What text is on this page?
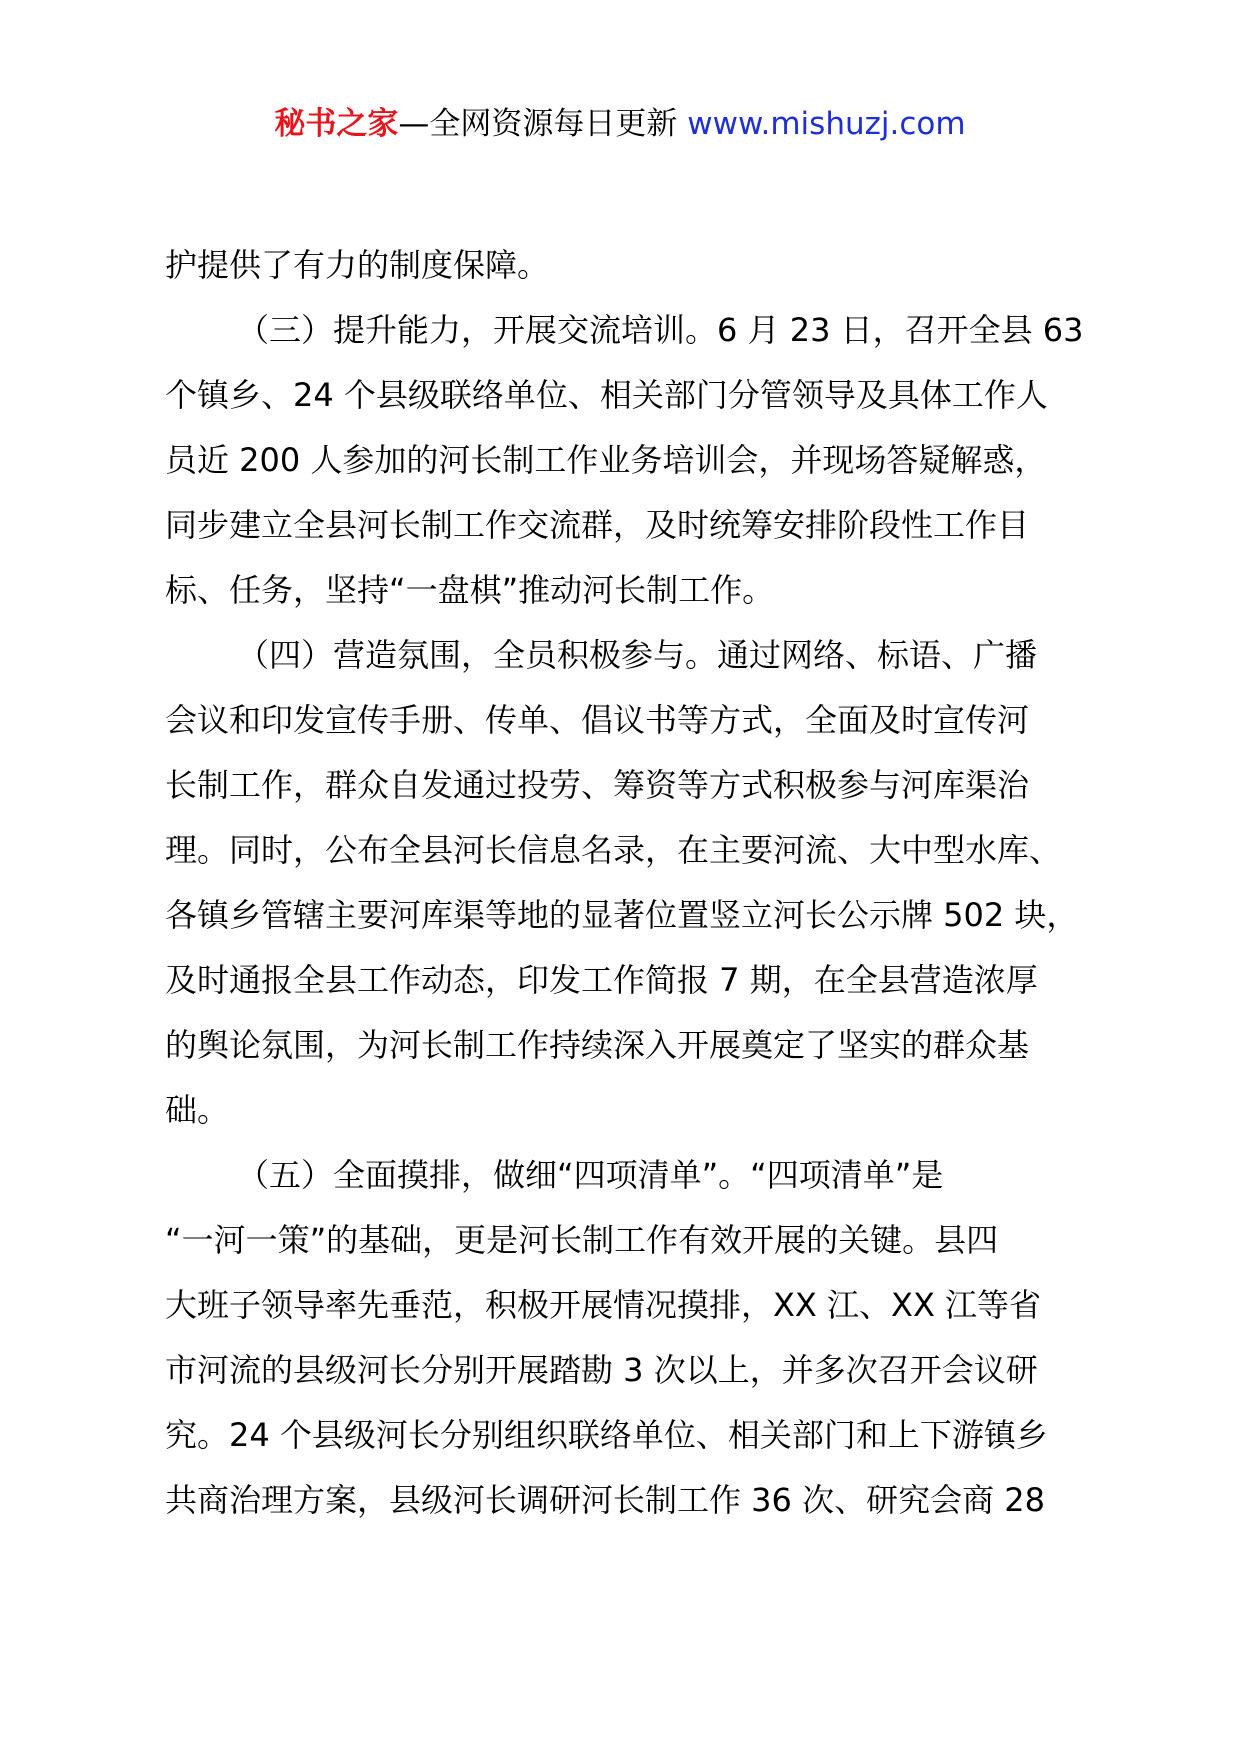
秘书之家—全网资源每日更新 www.mishuzj.com
护提供了有力的制度保障。
（三）提升能力，开展交流培训。6 月 23 日，召开全县 63
个镇乡、24 个县级联络单位、相关部门分管领导及具体工作人
员近 200 人参加的河长制工作业务培训会，并现场答疑解惑，
同步建立全县河长制工作交流群，及时统筹安排阶段性工作目
标、任务，坚持“一盘棋”推动河长制工作。
（四）营造氛围，全员积极参与。通过网络、标语、广播
会议和印发宣传手册、传单、倡议书等方式，全面及时宣传河
长制工作，群众自发通过投劳、筹资等方式积极参与河库渠治
理。同时，公布全县河长信息名录，在主要河流、大中型水库、
各镇乡管辖主要河库渠等地的显著位置竖立河长公示牌 502 块，
及时通报全县工作动态，印发工作简报 7 期，在全县营造浓厚
的舆论氛围，为河长制工作持续深入开展奠定了坚实的群众基
础。
（五）全面摸排，做细“四项清单”。“四项清单”是
“一河一策”的基础，更是河长制工作有效开展的关键。县四
大班子领导率先垂范，积极开展情况摸排，XX 江、XX 江等省
市河流的县级河长分别开展踏勘 3 次以上，并多次召开会议研
究。24 个县级河长分别组织联络单位、相关部门和上下游镇乡
共商治理方案，县级河长调研河长制工作 36 次、研究会商 28
